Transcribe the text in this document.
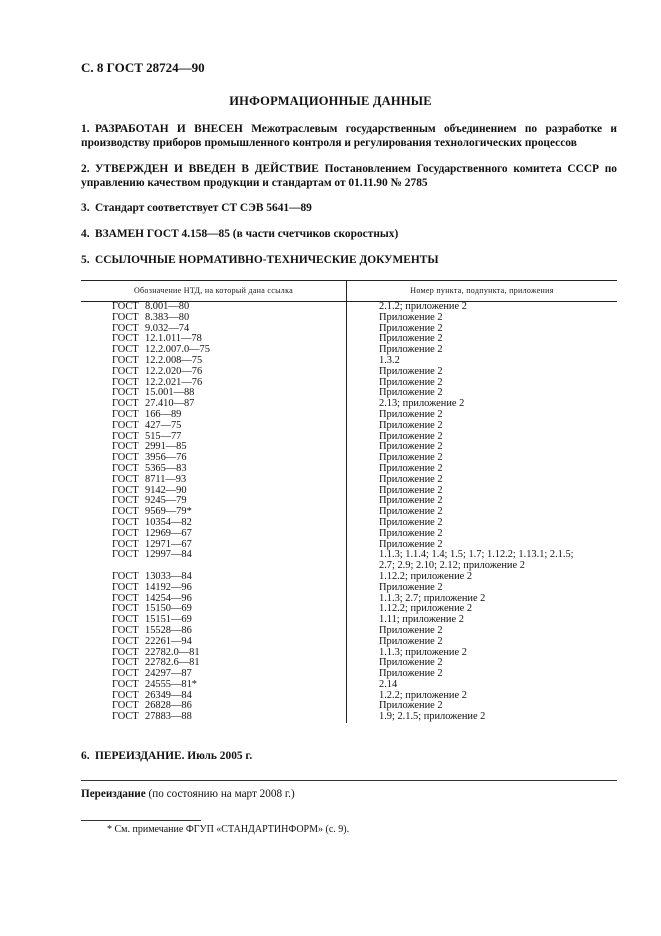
С. 8 ГОСТ 28724—90
ИНФОРМАЦИОННЫЕ ДАННЫЕ
1. РАЗРАБОТАН И ВНЕСЕН Межотраслевым государственным объединением по разработке и производству приборов промышленного контроля и регулирования технологических процессов
2. УТВЕРЖДЕН И ВВЕДЕН В ДЕЙСТВИЕ Постановлением Государственного комитета СССР по управлению качеством продукции и стандартам от 01.11.90 № 2785
3. Стандарт соответствует СТ СЭВ 5641—89
4. ВЗАМЕН ГОСТ 4.158—85 (в части счетчиков скоростных)
5. ССЫЛОЧНЫЕ НОРМАТИВНО-ТЕХНИЧЕСКИЕ ДОКУМЕНТЫ
Обозначение НТД, на который дана ссылка	Номер пункта, подпункта, приложения
ГОСТ 8.001—80	2.1.2; приложение 2
ГОСТ 8.383—80	Приложение 2
ГОСТ 9.032—74	Приложение 2
ГОСТ 12.1.011—78	Приложение 2
ГОСТ 12.2.007.0—75	Приложение 2
ГОСТ 12.2.008—75	1.3.2
ГОСТ 12.2.020—76	Приложение 2
ГОСТ 12.2.021—76	Приложение 2
ГОСТ 15.001—88	Приложение 2
ГОСТ 27.410—87	2.13; приложение 2
ГОСТ 166—89	Приложение 2
ГОСТ 427—75	Приложение 2
ГОСТ 515—77	Приложение 2
ГОСТ 2991—85	Приложение 2
ГОСТ 3956—76	Приложение 2
ГОСТ 5365—83	Приложение 2
ГОСТ 8711—93	Приложение 2
ГОСТ 9142—90	Приложение 2
ГОСТ 9245—79	Приложение 2
ГОСТ 9569—79*	Приложение 2
ГОСТ 10354—82	Приложение 2
ГОСТ 12969—67	Приложение 2
ГОСТ 12971—67	Приложение 2
ГОСТ 12997—84	1.1.3; 1.1.4; 1.4; 1.5; 1.7; 1.12.2; 1.13.1; 2.1.5;
2.7; 2.9; 2.10; 2.12; приложение 2
ГОСТ 13033—84	1.12.2; приложение 2
ГОСТ 14192—96	Приложение 2
ГОСТ 14254—96	1.1.3; 2.7; приложение 2
ГОСТ 15150—69	1.12.2; приложение 2
ГОСТ 15151—69	1.11; приложение 2
ГОСТ 15528—86	Приложение 2
ГОСТ 22261—94	Приложение 2
ГОСТ 22782.0—81	1.1.3; приложение 2
ГОСТ 22782.6—81	Приложение 2
ГОСТ 24297—87	Приложение 2
ГОСТ 24555—81*	2.14
ГОСТ 26349—84	1.2.2; приложение 2
ГОСТ 26828—86	Приложение 2
ГОСТ 27883—88	1.9; 2.1.5; приложение 2
6. ПЕРЕИЗДАНИЕ. Июль 2005 г.
Переиздание (по состоянию на март 2008 г.)
* См. примечание ФГУП «СТАНДАРТИНФОРМ» (с. 9).
